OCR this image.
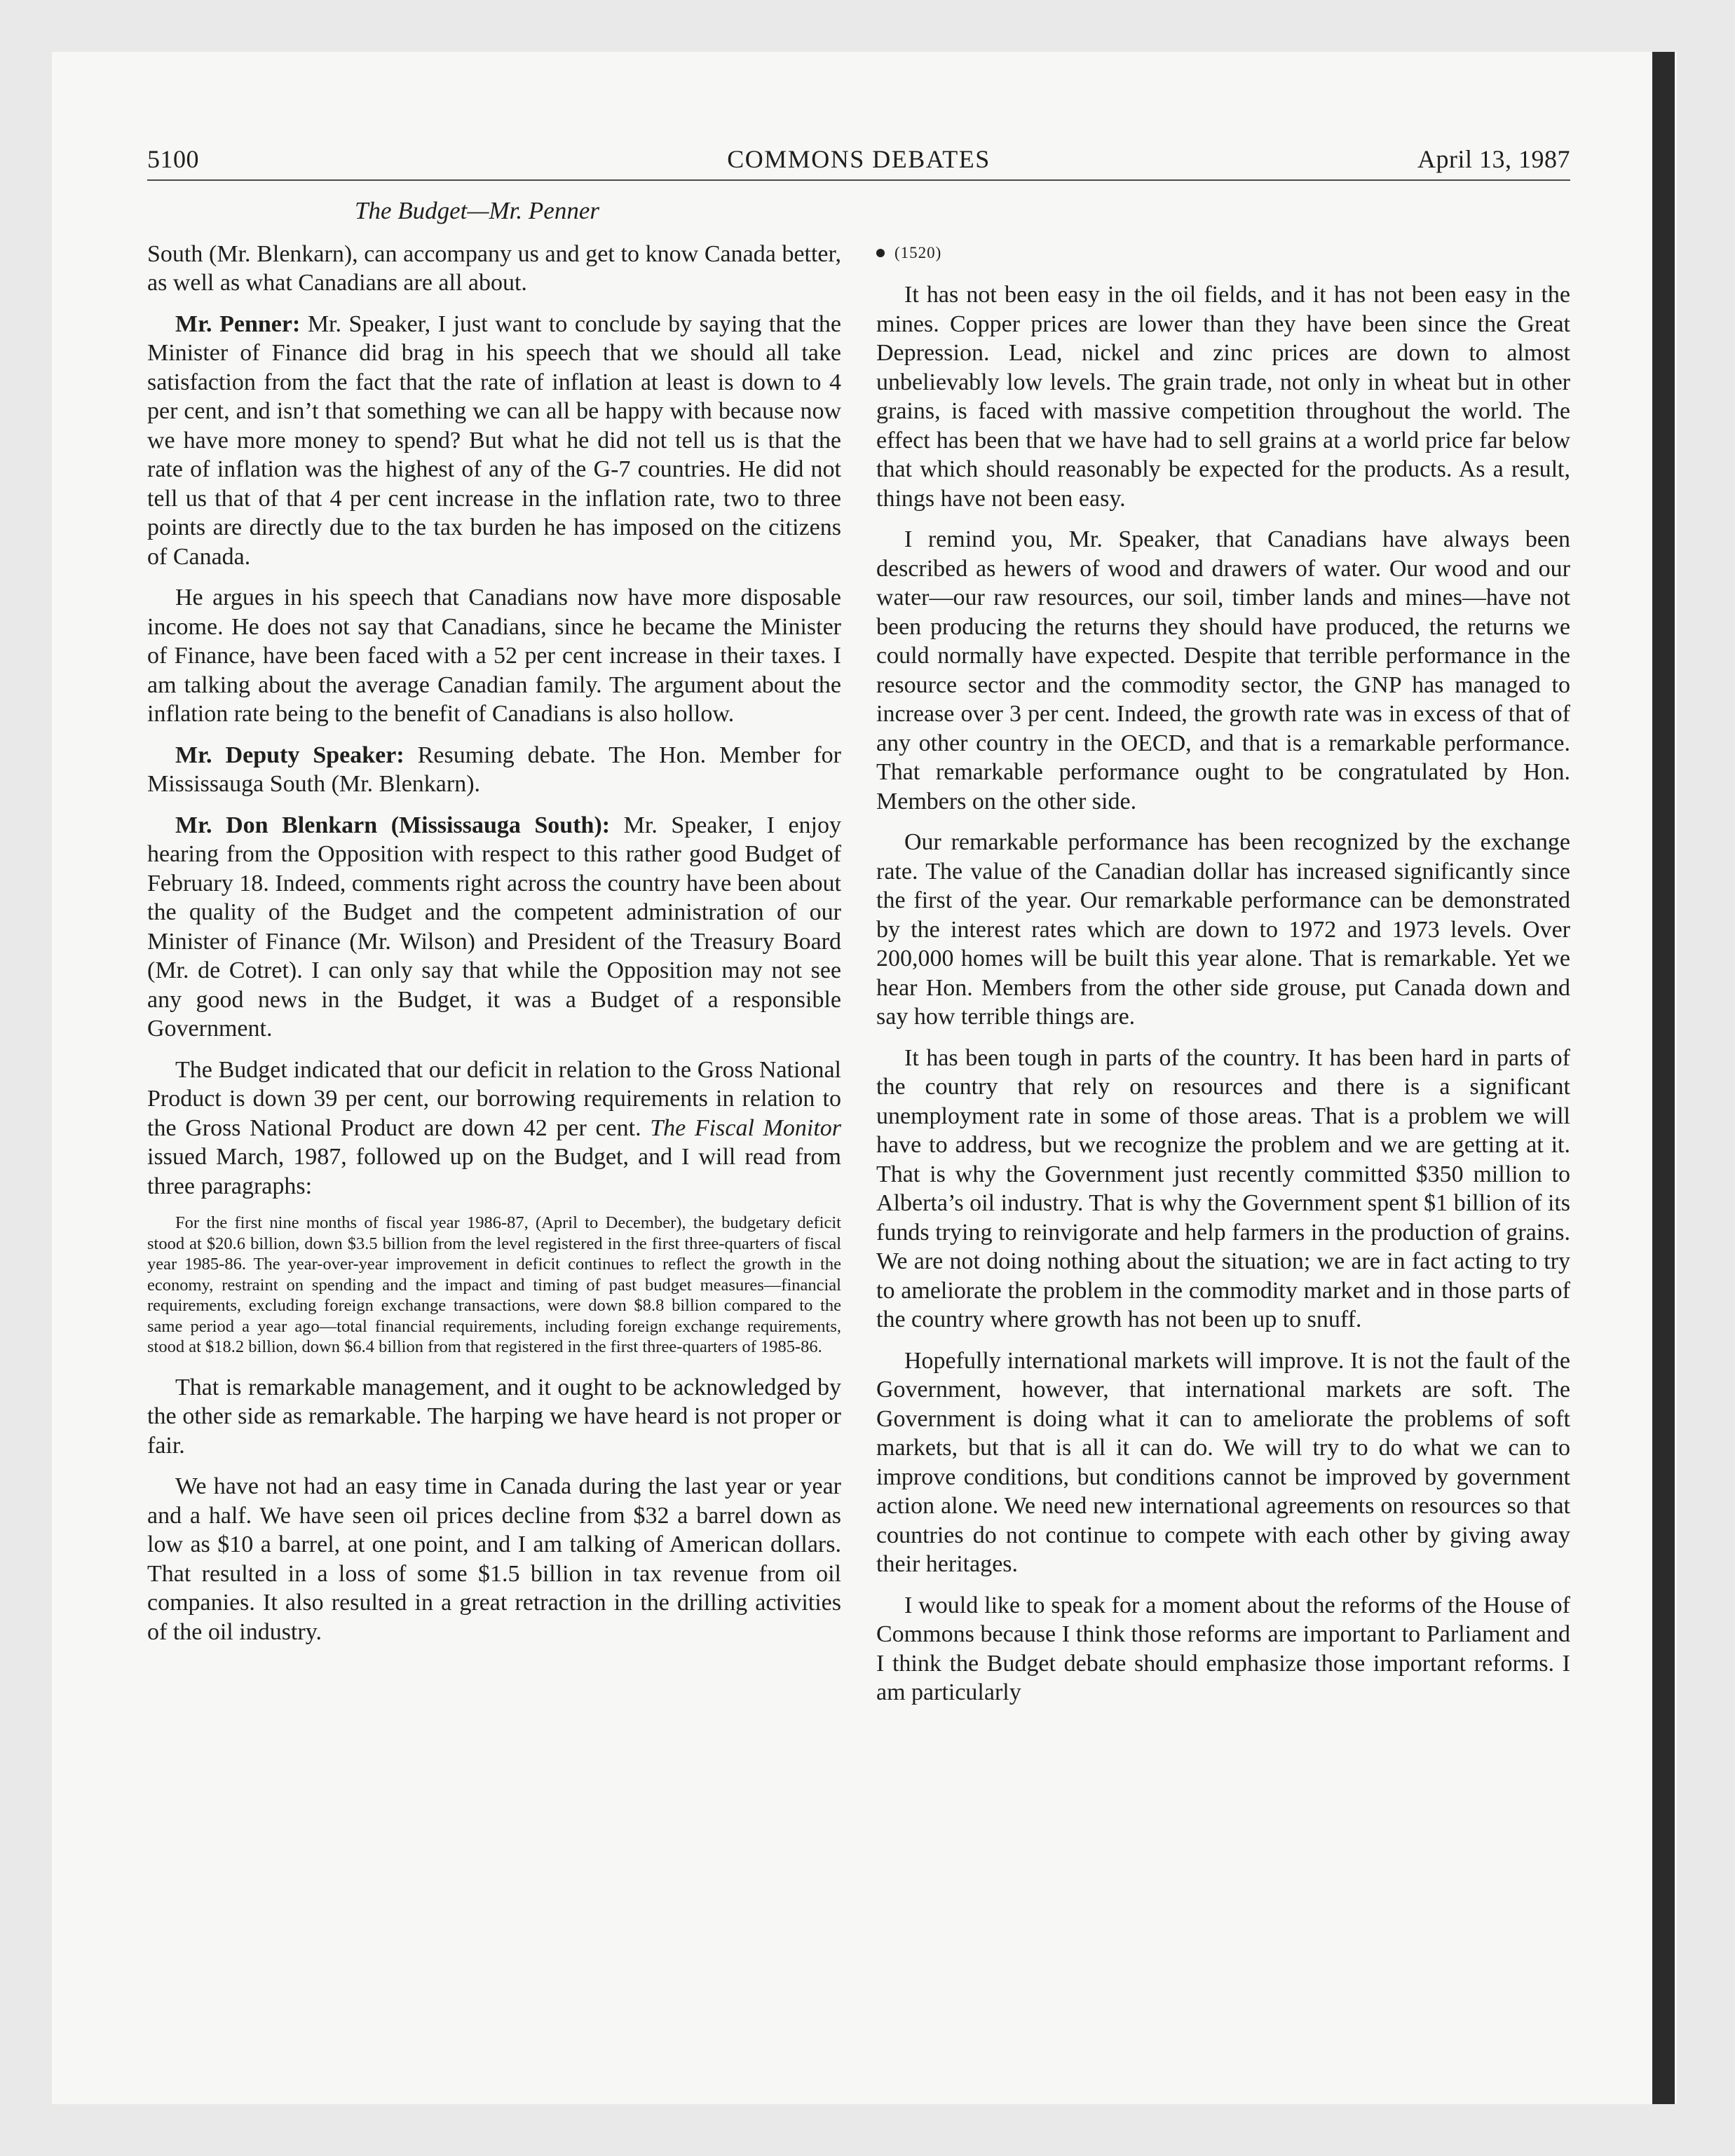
5100	COMMONS DEBATES	April 13, 1987
The Budget—Mr. Penner

South (Mr. Blenkarn), can accompany us and get to know Canada better, as well as what Canadians are all about.

Mr. Penner: Mr. Speaker, I just want to conclude by saying that the Minister of Finance did brag in his speech that we should all take satisfaction from the fact that the rate of inflation at least is down to 4 per cent, and isn’t that something we can all be happy with because now we have more money to spend? But what he did not tell us is that the rate of inflation was the highest of any of the G-7 countries. He did not tell us that of that 4 per cent increase in the inflation rate, two to three points are directly due to the tax burden he has imposed on the citizens of Canada.

He argues in his speech that Canadians now have more disposable income. He does not say that Canadians, since he became the Minister of Finance, have been faced with a 52 per cent increase in their taxes. I am talking about the average Canadian family. The argument about the inflation rate being to the benefit of Canadians is also hollow.

Mr. Deputy Speaker: Resuming debate. The Hon. Member for Mississauga South (Mr. Blenkarn).

Mr. Don Blenkarn (Mississauga South): Mr. Speaker, I enjoy hearing from the Opposition with respect to this rather good Budget of February 18. Indeed, comments right across the country have been about the quality of the Budget and the competent administration of our Minister of Finance (Mr. Wilson) and President of the Treasury Board (Mr. de Cotret). I can only say that while the Opposition may not see any good news in the Budget, it was a Budget of a responsible Government.

The Budget indicated that our deficit in relation to the Gross National Product is down 39 per cent, our borrowing requirements in relation to the Gross National Product are down 42 per cent. The Fiscal Monitor issued March, 1987, followed up on the Budget, and I will read from three paragraphs:

For the first nine months of fiscal year 1986-87, (April to December), the budgetary deficit stood at $20.6 billion, down $3.5 billion from the level registered in the first three-quarters of fiscal year 1985-86. The year-over-year improvement in deficit continues to reflect the growth in the economy, restraint on spending and the impact and timing of past budget measures—financial requirements, excluding foreign exchange transactions, were down $8.8 billion compared to the same period a year ago—total financial requirements, including foreign exchange requirements, stood at $18.2 billion, down $6.4 billion from that registered in the first three-quarters of 1985-86.

That is remarkable management, and it ought to be acknowledged by the other side as remarkable. The harping we have heard is not proper or fair.

We have not had an easy time in Canada during the last year or year and a half. We have seen oil prices decline from $32 a barrel down as low as $10 a barrel, at one point, and I am talking of American dollars. That resulted in a loss of some $1.5 billion in tax revenue from oil companies. It also resulted in a great retraction in the drilling activities of the oil industry.

(1520)

It has not been easy in the oil fields, and it has not been easy in the mines. Copper prices are lower than they have been since the Great Depression. Lead, nickel and zinc prices are down to almost unbelievably low levels. The grain trade, not only in wheat but in other grains, is faced with massive competition throughout the world. The effect has been that we have had to sell grains at a world price far below that which should reasonably be expected for the products. As a result, things have not been easy.

I remind you, Mr. Speaker, that Canadians have always been described as hewers of wood and drawers of water. Our wood and our water—our raw resources, our soil, timber lands and mines—have not been producing the returns they should have produced, the returns we could normally have expected. Despite that terrible performance in the resource sector and the commodity sector, the GNP has managed to increase over 3 per cent. Indeed, the growth rate was in excess of that of any other country in the OECD, and that is a remarkable performance. That remarkable performance ought to be congratulated by Hon. Members on the other side.

Our remarkable performance has been recognized by the exchange rate. The value of the Canadian dollar has increased significantly since the first of the year. Our remarkable performance can be demonstrated by the interest rates which are down to 1972 and 1973 levels. Over 200,000 homes will be built this year alone. That is remarkable. Yet we hear Hon. Members from the other side grouse, put Canada down and say how terrible things are.

It has been tough in parts of the country. It has been hard in parts of the country that rely on resources and there is a significant unemployment rate in some of those areas. That is a problem we will have to address, but we recognize the problem and we are getting at it. That is why the Government just recently committed $350 million to Alberta’s oil industry. That is why the Government spent $1 billion of its funds trying to reinvigorate and help farmers in the production of grains. We are not doing nothing about the situation; we are in fact acting to try to ameliorate the problem in the commodity market and in those parts of the country where growth has not been up to snuff.

Hopefully international markets will improve. It is not the fault of the Government, however, that international markets are soft. The Government is doing what it can to ameliorate the problems of soft markets, but that is all it can do. We will try to do what we can to improve conditions, but conditions cannot be improved by government action alone. We need new international agreements on resources so that countries do not continue to compete with each other by giving away their heritages.

I would like to speak for a moment about the reforms of the House of Commons because I think those reforms are important to Parliament and I think the Budget debate should emphasize those important reforms. I am particularly
